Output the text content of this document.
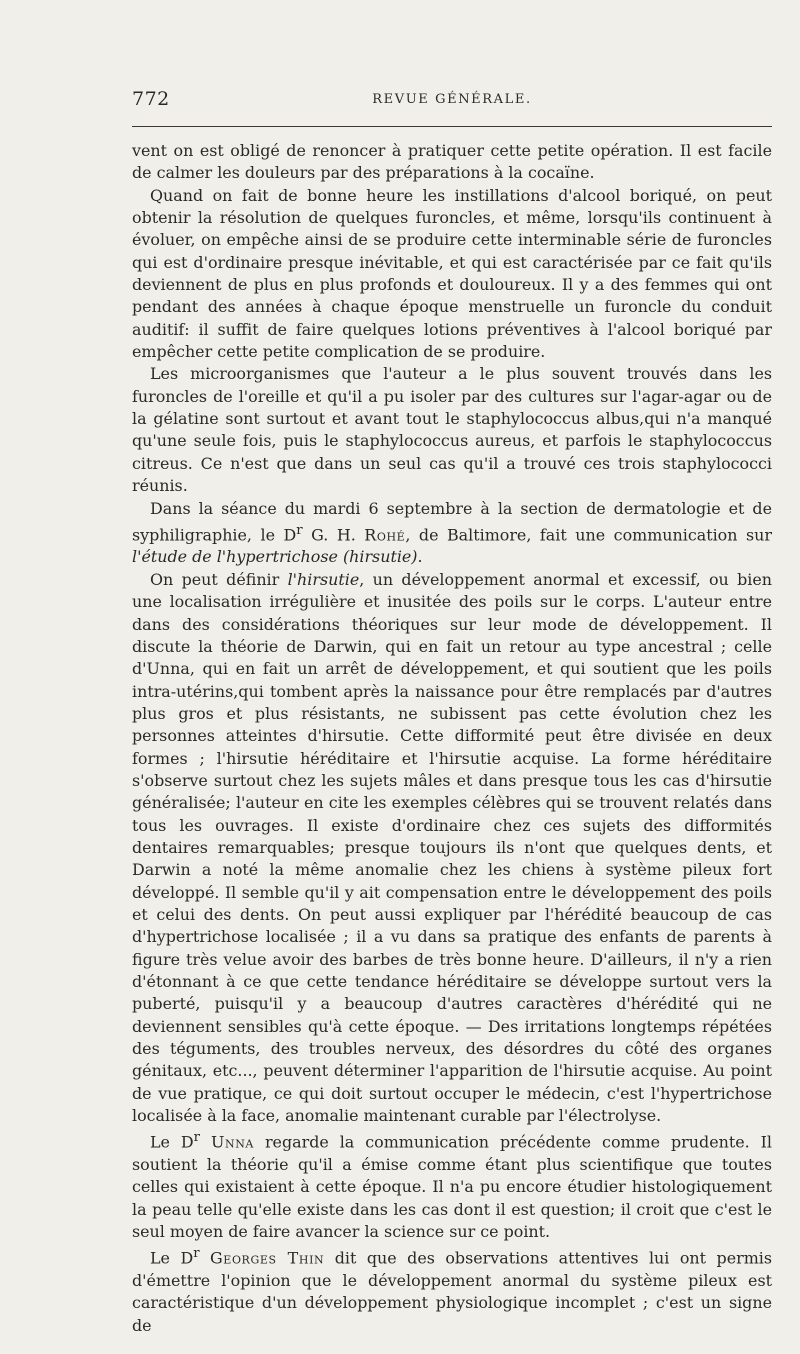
772	REVUE GÉNÉRALE.

vent on est obligé de renoncer à pratiquer cette petite opération. Il est facile de calmer les douleurs par des préparations à la cocaïne.

Quand on fait de bonne heure les instillations d'alcool boriqué, on peut obtenir la résolution de quelques furoncles, et même, lorsqu'ils continuent à évoluer, on empêche ainsi de se produire cette interminable série de furoncles qui est d'ordinaire presque inévitable, et qui est caractérisée par ce fait qu'ils deviennent de plus en plus profonds et douloureux. Il y a des femmes qui ont pendant des années à chaque époque menstruelle un furoncle du conduit auditif: il suffit de faire quelques lotions préventives à l'alcool boriqué par empêcher cette petite complication de se produire.

Les microorganismes que l'auteur a le plus souvent trouvés dans les furoncles de l'oreille et qu'il a pu isoler par des cultures sur l'agar-agar ou de la gélatine sont surtout et avant tout le staphylococcus albus,qui n'a manqué qu'une seule fois, puis le staphylococcus aureus, et parfois le staphylococcus citreus. Ce n'est que dans un seul cas qu'il a trouvé ces trois staphylococci réunis.

Dans la séance du mardi 6 septembre à la section de dermatologie et de syphiligraphie, le $D^r$ G. H. Rohé, de Baltimore, fait une communication sur l'étude de l'hypertrichose (hirsutie).

On peut définir l'hirsutie, un développement anormal et excessif, ou bien une localisation irrégulière et inusitée des poils sur le corps. L'auteur entre dans des considérations théoriques sur leur mode de développement. Il discute la théorie de Darwin, qui en fait un retour au type ancestral ; celle d'Unna, qui en fait un arrêt de développement, et qui soutient que les poils intra-utérins,qui tombent après la naissance pour être remplacés par d'autres plus gros et plus résistants, ne subissent pas cette évolution chez les personnes atteintes d'hirsutie. Cette difformité peut être divisée en deux formes ; l'hirsutie héréditaire et l'hirsutie acquise. La forme héréditaire s'observe surtout chez les sujets mâles et dans presque tous les cas d'hirsutie généralisée; l'auteur en cite les exemples célèbres qui se trouvent relatés dans tous les ouvrages. Il existe d'ordinaire chez ces sujets des difformités dentaires remarquables; presque toujours ils n'ont que quelques dents, et Darwin a noté la même anomalie chez les chiens à système pileux fort développé. Il semble qu'il y ait compensation entre le développement des poils et celui des dents. On peut aussi expliquer par l'hérédité beaucoup de cas d'hypertrichose localisée ; il a vu dans sa pratique des enfants de parents à figure très velue avoir des barbes de très bonne heure. D'ailleurs, il n'y a rien d'étonnant à ce que cette tendance héréditaire se développe surtout vers la puberté, puisqu'il y a beaucoup d'autres caractères d'hérédité qui ne deviennent sensibles qu'à cette époque. — Des irritations longtemps répétées des téguments, des troubles nerveux, des désordres du côté des organes génitaux, etc..., peuvent déterminer l'apparition de l'hirsutie acquise. Au point de vue pratique, ce qui doit surtout occuper le médecin, c'est l'hypertrichose localisée à la face, anomalie maintenant curable par l'électrolyse.

Le $D^r$ Unna regarde la communication précédente comme prudente. Il soutient la théorie qu'il a émise comme étant plus scientifique que toutes celles qui existaient à cette époque. Il n'a pu encore étudier histologiquement la peau telle qu'elle existe dans les cas dont il est question; il croit que c'est le seul moyen de faire avancer la science sur ce point.

Le $D^r$ Georges Thin dit que des observations attentives lui ont permis d'émettre l'opinion que le développement anormal du système pileux est caractéristique d'un développement physiologique incomplet ; c'est un signe de
